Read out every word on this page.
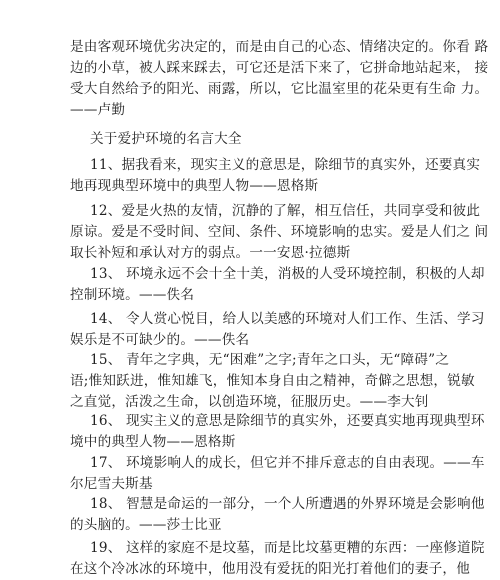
是由客观环境优劣决定的，而是由自己的心态、情绪决定的。你看 路
边的小草，被人踩来踩去，可它还是活下来了，它拼命地站起来， 接
受大自然给予的阳光、雨露，所以，它比温室里的花朵更有生命 力。
——卢勤
关于爱护环境的名言大全
11、据我看来，现实主义的意思是，除细节的真实外，还要真实
地再现典型环境中的典型人物——恩格斯
12、爱是火热的友情，沉静的了解，相互信任，共同享受和彼此
原谅。爱是不受时间、空间、条件、环境影响的忠实。爱是人们之 间
取长补短和承认对方的弱点。一一安恩·拉德斯
13、 环境永远不会十全十美，消极的人受环境控制，积极的人却
控制环境。——佚名
14、 令人赏心悦目，给人以美感的环境对人们工作、生活、学习
娱乐是不可缺少的。——佚名
15、 青年之字典，无“困难”之字;青年之口头，无“障碍”之
语;惟知跃进，惟知雄飞，惟知本身自由之精神，奇僻之思想，锐敏
之直觉，活泼之生命，以创造环境，征服历史。——李大钊
16、 现实主义的意思是除细节的真实外，还要真实地再现典型环
境中的典型人物——恩格斯
17、 环境影响人的成长，但它并不排斥意志的自由表现。——车
尔尼雪夫斯基
18、 智慧是命运的一部分，一个人所遭遇的外界环境是会影响他
的头脑的。——莎士比亚
19、 这样的家庭不是坟墓，而是比坟墓更糟的东西：一座修道院
在这个冷冰冰的环境中，他用没有爱抚的阳光打着他们的妻子，他
